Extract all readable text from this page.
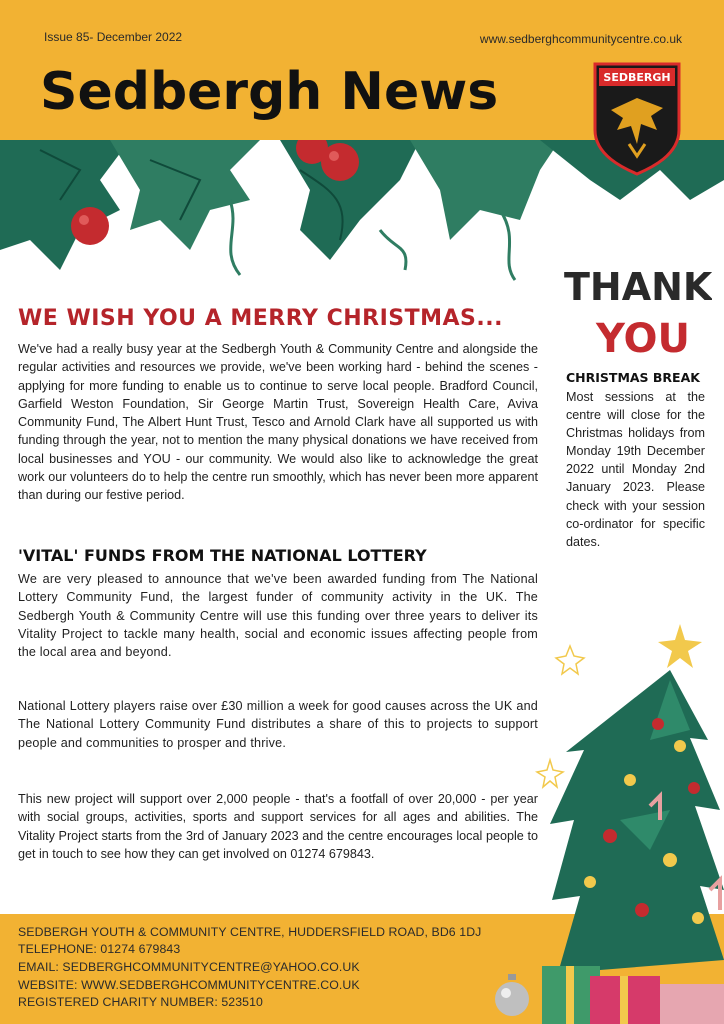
Issue 85- December 2022	www.sedberghcommunitycentre.co.uk
Sedbergh News	SEDBERGH
THANK
YOU
WE WISH YOU A MERRY CHRISTMAS...
We've had a really busy year at the Sedbergh Youth & Community Centre and alongside the regular activities and resources we provide, we've been working hard - behind the scenes - applying for more funding to enable us to continue to serve local people. Bradford Council, Garfield Weston Foundation, Sir George Martin Trust, Sovereign Health Care, Aviva Community Fund, The Albert Hunt Trust, Tesco and Arnold Clark have all supported us with funding through the year, not to mention the many physical donations we have received from local businesses and YOU - our community. We would also like to acknowledge the great work our volunteers do to help the centre run smoothly, which has never been more apparent than during our festive period.
'VITAL' FUNDS FROM THE NATIONAL LOTTERY
We are very pleased to announce that we've been awarded funding from The National Lottery Community Fund, the largest funder of community activity in the UK. The Sedbergh Youth & Community Centre will use this funding over three years to deliver its Vitality Project to tackle many health, social and economic issues affecting people from the local area and beyond.
National Lottery players raise over £30 million a week for good causes across the UK and The National Lottery Community Fund distributes a share of this to projects to support people and communities to prosper and thrive.
This new project will support over 2,000 people - that's a footfall of over 20,000 - per year with social groups, activities, sports and support services for all ages and abilities. The Vitality Project starts from the 3rd of January 2023 and the centre encourages local people to get in touch to see how they can get involved on 01274 679843.
CHRISTMAS BREAK
Most sessions at the centre will close for the Christmas holidays from Monday 19th December 2022 until Monday 2nd January 2023. Please check with your session co-ordinator for specific dates.
SEDBERGH YOUTH & COMMUNITY CENTRE, HUDDERSFIELD ROAD, BD6 1DJ
TELEPHONE: 01274 679843
EMAIL: SEDBERGHCOMMUNITYCENTRE@YAHOO.CO.UK
WEBSITE: WWW.SEDBERGHCOMMUNITYCENTRE.CO.UK
REGISTERED CHARITY NUMBER: 523510
